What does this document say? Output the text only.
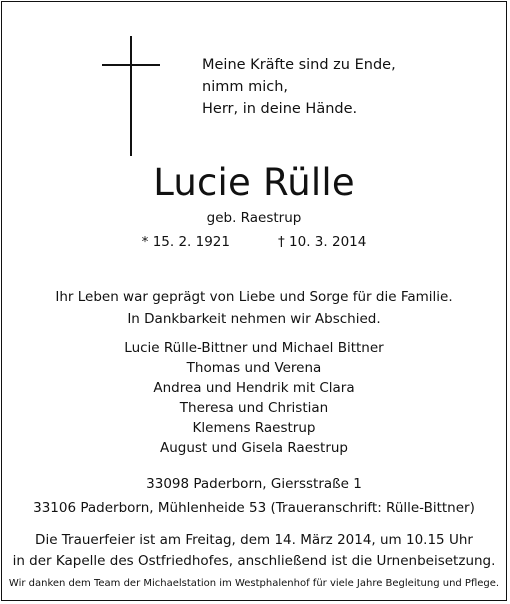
Meine Kräfte sind zu Ende,
nimm mich,
Herr, in deine Hände.
Lucie Rülle
geb. Raestrup
* 15. 2. 1921	† 10. 3. 2014
Ihr Leben war geprägt von Liebe und Sorge für die Familie.
In Dankbarkeit nehmen wir Abschied.
Lucie Rülle-Bittner und Michael Bittner
Thomas und Verena
Andrea und Hendrik mit Clara
Theresa und Christian
Klemens Raestrup
August und Gisela Raestrup
33098 Paderborn, Giersstraße 1
33106 Paderborn, Mühlenheide 53 (Traueranschrift: Rülle-Bittner)
Die Trauerfeier ist am Freitag, dem 14. März 2014, um 10.15 Uhr
in der Kapelle des Ostfriedhofes, anschließend ist die Urnenbeisetzung.
Wir danken dem Team der Michaelstation im Westphalenhof für viele Jahre Begleitung und Pflege.
